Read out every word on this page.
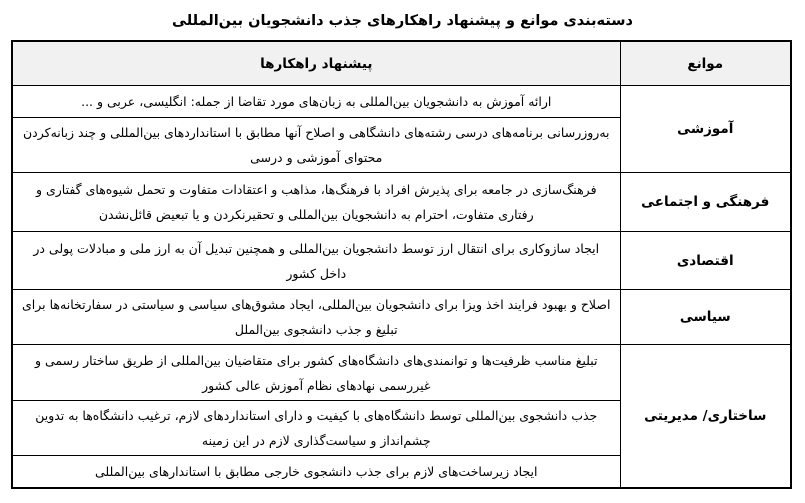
دسته‌بندی موانع و پیشنهاد راهکارهای جذب دانشجویان بین‌المللی
موانع	پیشنهاد راهکارها
آموزشی	ارائه آموزش به دانشجویان بین‌المللی به زبان‌های مورد تقاضا از جمله: انگلیسی، عربی و ...
	به‌روزرسانی برنامه‌های درسی رشته‌های دانشگاهی و اصلاح آنها مطابق با استانداردهای بین‌المللی و چند زبانه‌کردن محتوای آموزشی و درسی
فرهنگی و اجتماعی	فرهنگ‌سازی در جامعه برای پذیرش افراد با فرهنگ‌ها، مذاهب و اعتقادات متفاوت و تحمل شیوه‌های گفتاری و رفتاری متفاوت، احترام به دانشجویان بین‌المللی و تحقیرنکردن و یا تبعیض قائل‌نشدن
اقتصادی	ایجاد سازوکاری برای انتقال ارز توسط دانشجویان بین‌المللی و همچنین تبدیل آن به ارز ملی و مبادلات پولی در داخل کشور
سیاسی	اصلاح و بهبود فرایند اخذ ویزا برای دانشجویان بین‌المللی، ایجاد مشوق‌های سیاسی و سیاستی در سفارتخانه‌ها برای تبلیغ و جذب دانشجوی بین‌الملل
ساختاری/ مدیریتی	تبلیغ مناسب ظرفیت‌ها و توانمندی‌های دانشگاه‌های کشور برای متقاضیان بین‌المللی از طریق ساختار رسمی و غیررسمی نهادهای نظام آموزش عالی کشور
	جذب دانشجوی بین‌المللی توسط دانشگاه‌های با کیفیت و دارای استانداردهای لازم، ترغیب دانشگاه‌ها به تدوین چشم‌انداز و سیاست‌گذاری لازم در این زمینه
	ایجاد زیرساخت‌های لازم برای جذب دانشجوی خارجی مطابق با استاندارهای بین‌المللی
